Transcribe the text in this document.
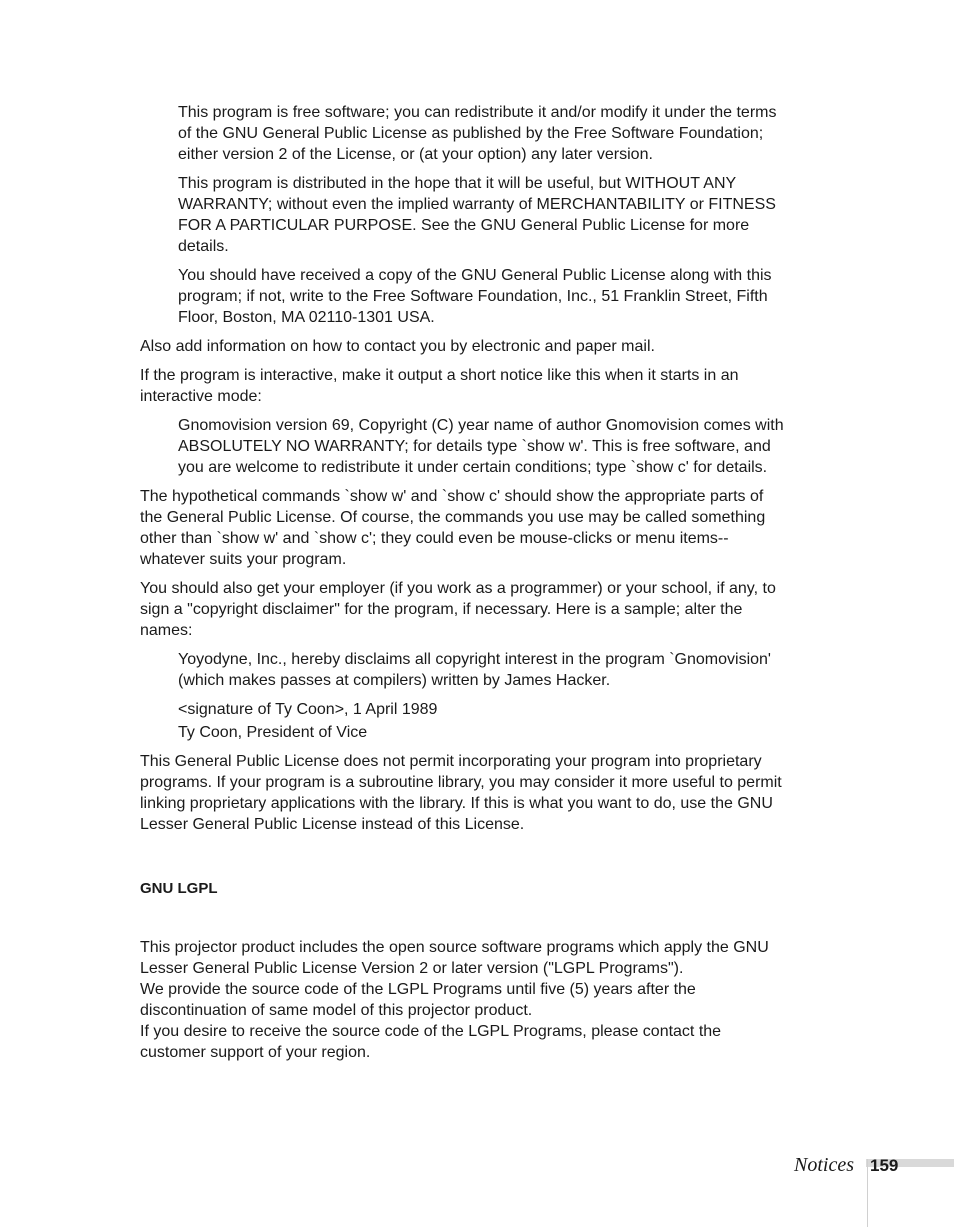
This program is free software; you can redistribute it and/or modify it under the terms of the GNU General Public License as published by the Free Software Foundation; either version 2 of the License, or (at your option) any later version.

This program is distributed in the hope that it will be useful, but WITHOUT ANY WARRANTY; without even the implied warranty of MERCHANTABILITY or FITNESS FOR A PARTICULAR PURPOSE. See the GNU General Public License for more details.

You should have received a copy of the GNU General Public License along with this program; if not, write to the Free Software Foundation, Inc., 51 Franklin Street, Fifth Floor, Boston, MA 02110-1301 USA.

Also add information on how to contact you by electronic and paper mail.

If the program is interactive, make it output a short notice like this when it starts in an interactive mode:

Gnomovision version 69, Copyright (C) year name of author Gnomovision comes with ABSOLUTELY NO WARRANTY; for details type `show w'. This is free software, and you are welcome to redistribute it under certain conditions; type `show c' for details.

The hypothetical commands `show w' and `show c' should show the appropriate parts of the General Public License. Of course, the commands you use may be called something other than `show w' and `show c'; they could even be mouse-clicks or menu items--whatever suits your program.

You should also get your employer (if you work as a programmer) or your school, if any, to sign a "copyright disclaimer" for the program, if necessary. Here is a sample; alter the names:

Yoyodyne, Inc., hereby disclaims all copyright interest in the program `Gnomovision' (which makes passes at compilers) written by James Hacker.

<signature of Ty Coon>, 1 April 1989

Ty Coon, President of Vice

This General Public License does not permit incorporating your program into proprietary programs. If your program is a subroutine library, you may consider it more useful to permit linking proprietary applications with the library. If this is what you want to do, use the GNU Lesser General Public License instead of this License.

GNU LGPL

This projector product includes the open source software programs which apply the GNU Lesser General Public License Version 2 or later version ("LGPL Programs").

We provide the source code of the LGPL Programs until five (5) years after the discontinuation of same model of this projector product.

If you desire to receive the source code of the LGPL Programs, please contact the customer support of your region.

Notices 159
